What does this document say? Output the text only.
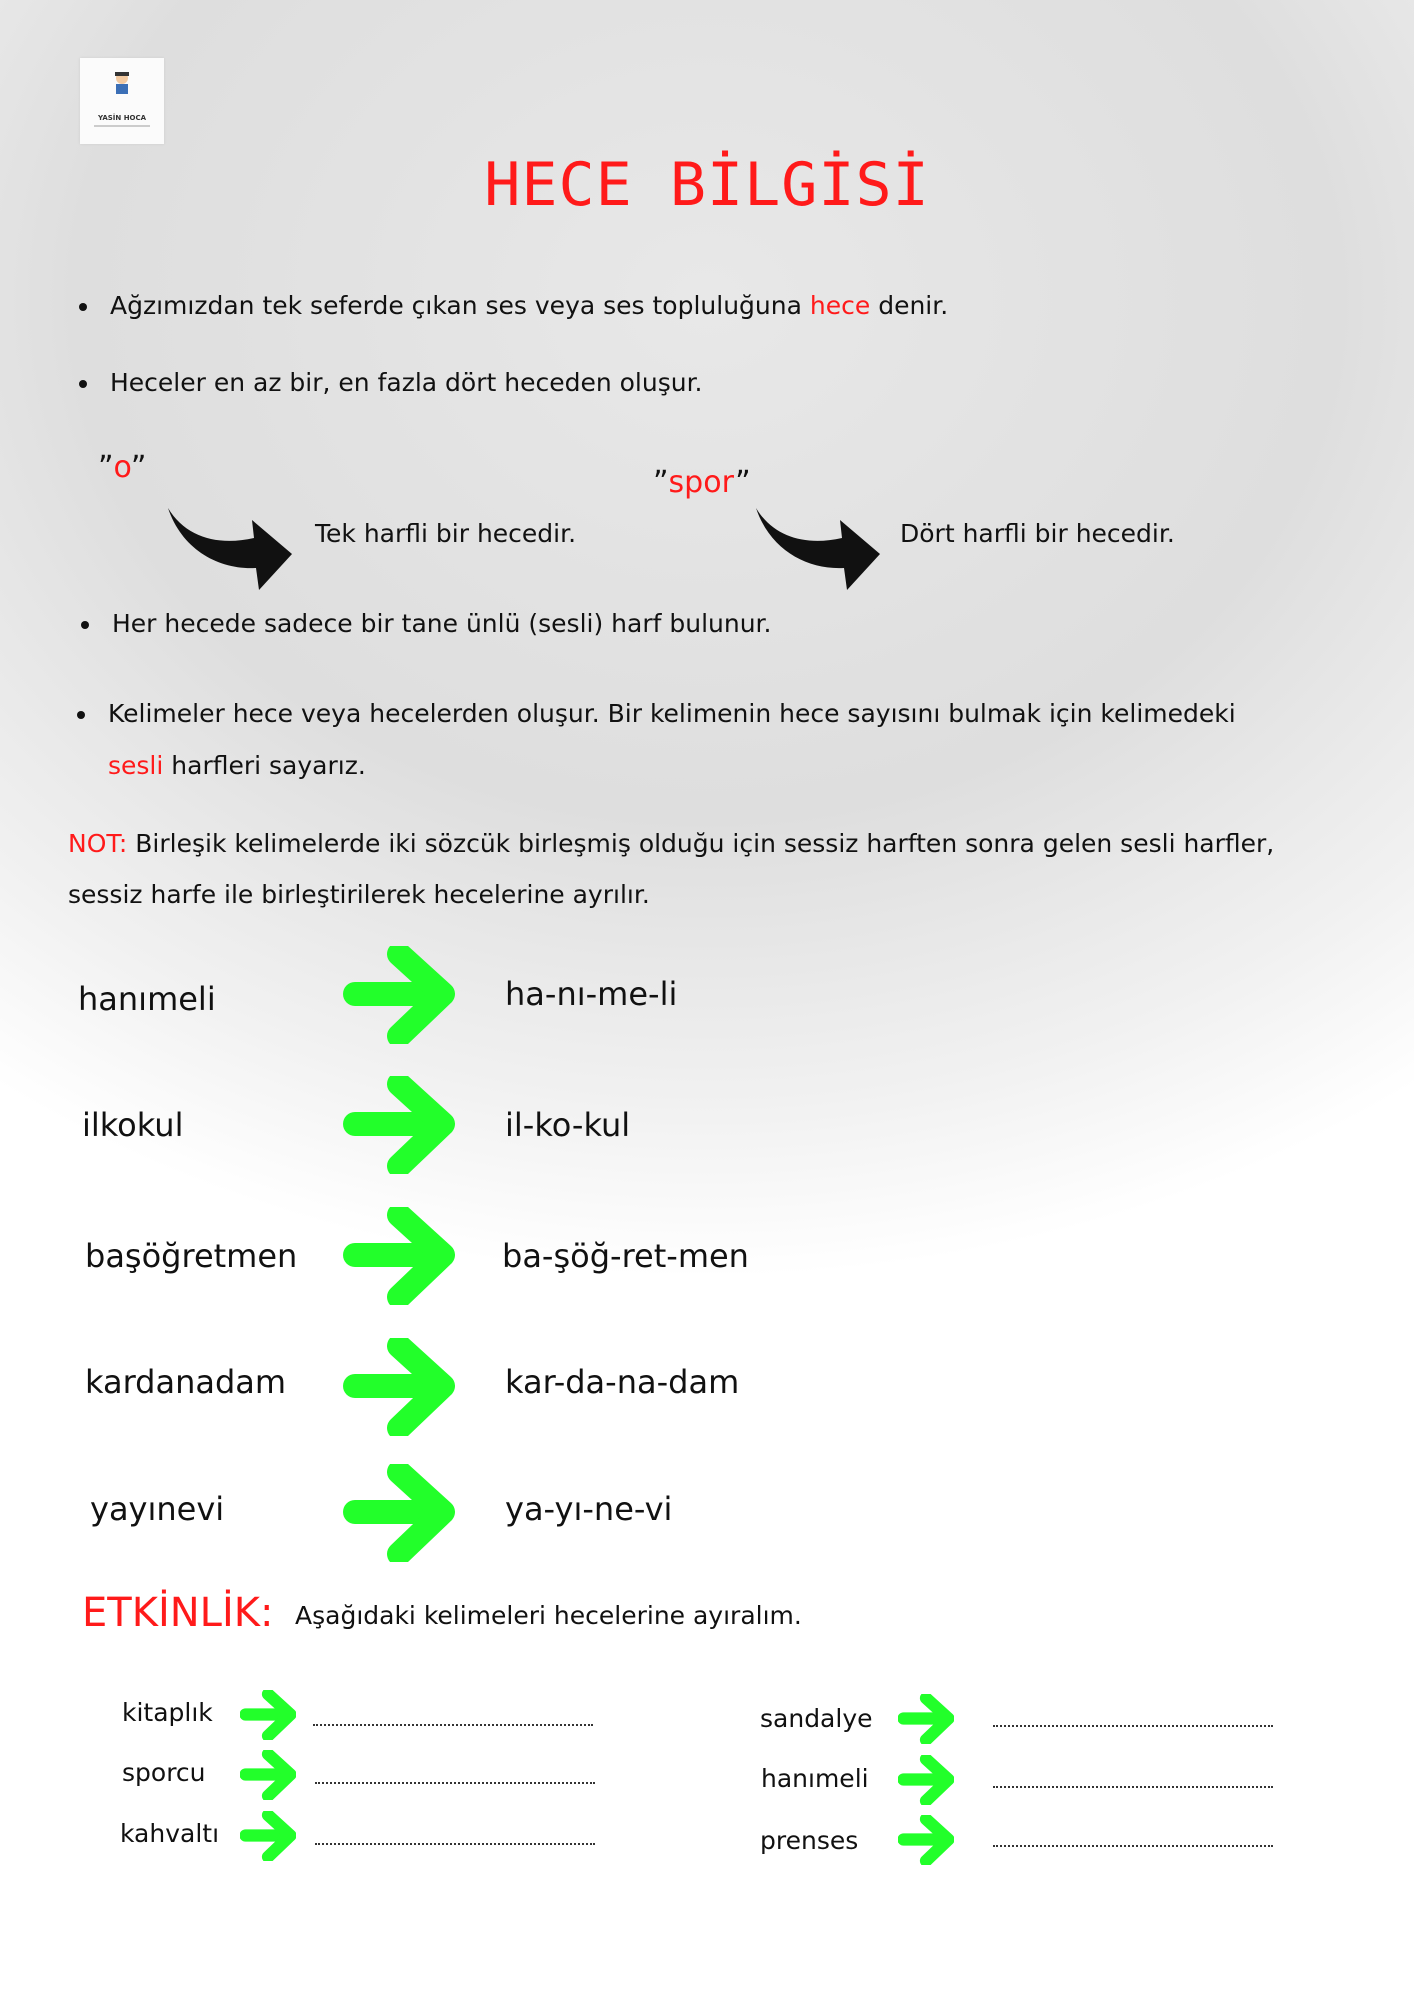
YASİN HOCA
HECE BİLGİSİ
Ağzımızdan tek seferde çıkan ses veya ses topluluğuna hece denir.
Heceler en az bir, en fazla dört heceden oluşur.
”o”
Tek harfli bir hecedir.
”spor”
Dört harfli bir hecedir.
Her hecede sadece bir tane ünlü (sesli) harf bulunur.
Kelimeler hece veya hecelerden oluşur. Bir kelimenin hece sayısını bulmak için kelimedeki
sesli harfleri sayarız.
NOT: Birleşik kelimelerde iki sözcük birleşmiş olduğu için sessiz harften sonra gelen sesli harfler,
sessiz harfe ile birleştirilerek hecelerine ayrılır.
hanımeli	ha-nı-me-li
ilkokul	il-ko-kul
başöğretmen	ba-şöğ-ret-men
kardanadam	kar-da-na-dam
yayınevi	ya-yı-ne-vi
ETKİNLİK: Aşağıdaki kelimeleri hecelerine ayıralım.
kitaplık
sporcu
kahvaltı
sandalye
hanımeli
prenses
